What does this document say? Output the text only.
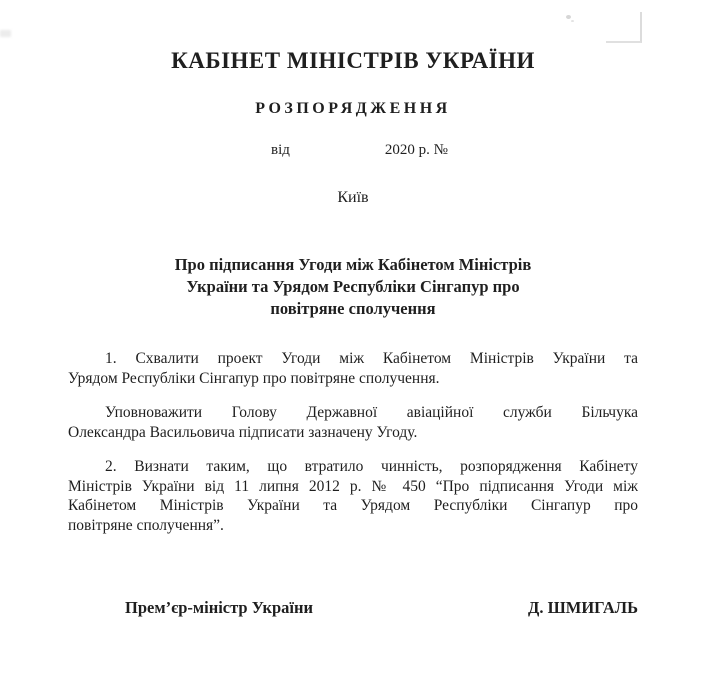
КАБІНЕТ МІНІСТРІВ УКРАЇНИ
РОЗПОРЯДЖЕННЯ
від	2020 р. №
Київ
Про підписання Угоди між Кабінетом Міністрів України та Урядом Республіки Сінгапур про повітряне сполучення
1. Схвалити проект Угоди між Кабінетом Міністрів України та
Урядом Республіки Сінгапур про повітряне сполучення.
Уповноважити Голову Державної авіаційної служби Більчука
Олександра Васильовича підписати зазначену Угоду.
2. Визнати таким, що втратило чинність, розпорядження Кабінету
Міністрів України від 11 липня 2012 р. № 450 “Про підписання Угоди між
Кабінетом Міністрів України та Урядом Республіки Сінгапур про
повітряне сполучення”.
Прем’єр-міністр України	Д. ШМИГАЛЬ
